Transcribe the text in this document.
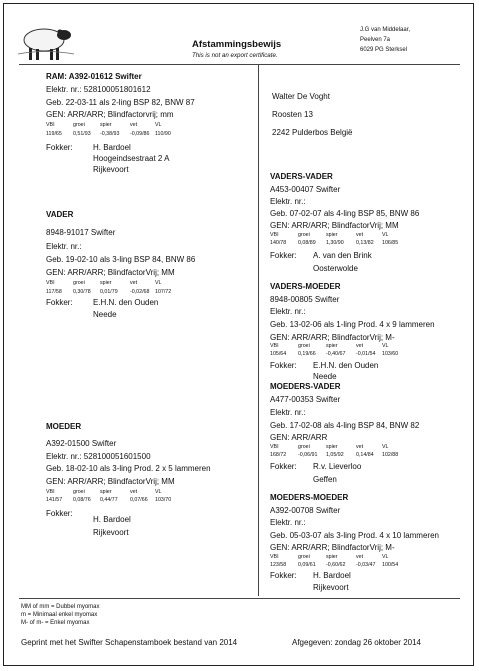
Afstammingsbewijs
This is not an export certificate.
J.G van Middelaar,
Peelven 7a
6029 PG Sterksel
RAM: A392-01612 Swifter
Elektr. nr.: 528100051801612
Geb. 22-03-11 als 2-ling BSP 82, BNW 87
GEN: ARR/ARR; Blindfactorvrij; mm
VBI	groei	spier	vet	VL
119/65 0,51/93 -0,38/93 -0,09/86 110/90
Fokker:	H. Bardoel
Hoogeindsestraat 2 A
Rijkevoort
Walter De Voght
Roosten 13
2242 Pulderbos België
VADER
8948-91017 Swifter
Elektr. nr.:
Geb. 19-02-10 als 3-ling BSP 84, BNW 86
GEN: ARR/ARR; BlindfactorVrij; MM
VBI	groei	spier	vet	VL
117/58 0,30/78 0,01/79 -0,02/68 107/72
Fokker:	E.H.N. den Ouden
Neede
MOEDER
A392-01500 Swifter
Elektr. nr.: 528100051601500
Geb. 18-02-10 als 3-ling Prod. 2 x 5 lammeren
GEN: ARR/ARR; BlindfactorVrij; MM
VBI	groei	spier	vet	VL
141/57 0,08/76 0,44/77 0,07/66 103/70
Fokker:
H. Bardoel
Rijkevoort
VADERS-VADER
A453-00407 Swifter
Elektr. nr.:
Geb. 07-02-07 als 4-ling BSP 85, BNW 86
GEN: ARR/ARR; BlindfactorVrij; MM
VBI	groei	spier	vet	VL
140/78 0,08/89 1,30/90 0,13/82 106/85
Fokker: A. van den Brink
Oosterwolde
VADERS-MOEDER
8948-00805 Swifter
Elektr. nr.:
Geb. 13-02-06 als 1-ling Prod. 4 x 9 lammeren
GEN: ARR/ARR; BlindfactorVrij; M-
VBI	groei	spier	vet	VL
105/64 0,19/66 -0,40/67 -0,01/54 103/60
Fokker: E.H.N. den Ouden
Neede
MOEDERS-VADER
A477-00353 Swifter
Elektr. nr.:
Geb. 17-02-08 als 4-ling BSP 84, BNW 82
GEN: ARR/ARR
VBI	groei	spier	vet	VL
168/72 -0,06/91 1,05/92 0,14/84 102/88
Fokker: R.v. Lieverloo
Geffen
MOEDERS-MOEDER
A392-00708 Swifter
Elektr. nr.:
Geb. 05-03-07 als 3-ling Prod. 4 x 10 lammeren
GEN: ARR/ARR; BlindfactorVrij; M-
VBI	groei	spier	vet	VL
123/58 0,09/61 -0,60/62 -0,03/47 100/54
Fokker: H. Bardoel
Rijkevoort
MM of mm = Dubbel myomax
m = Minimaal enkel myomax
M- of m- = Enkel myomax
Geprint met het Swifter Schapenstamboek bestand van 2014	Afgegeven: zondag 26 oktober 2014
